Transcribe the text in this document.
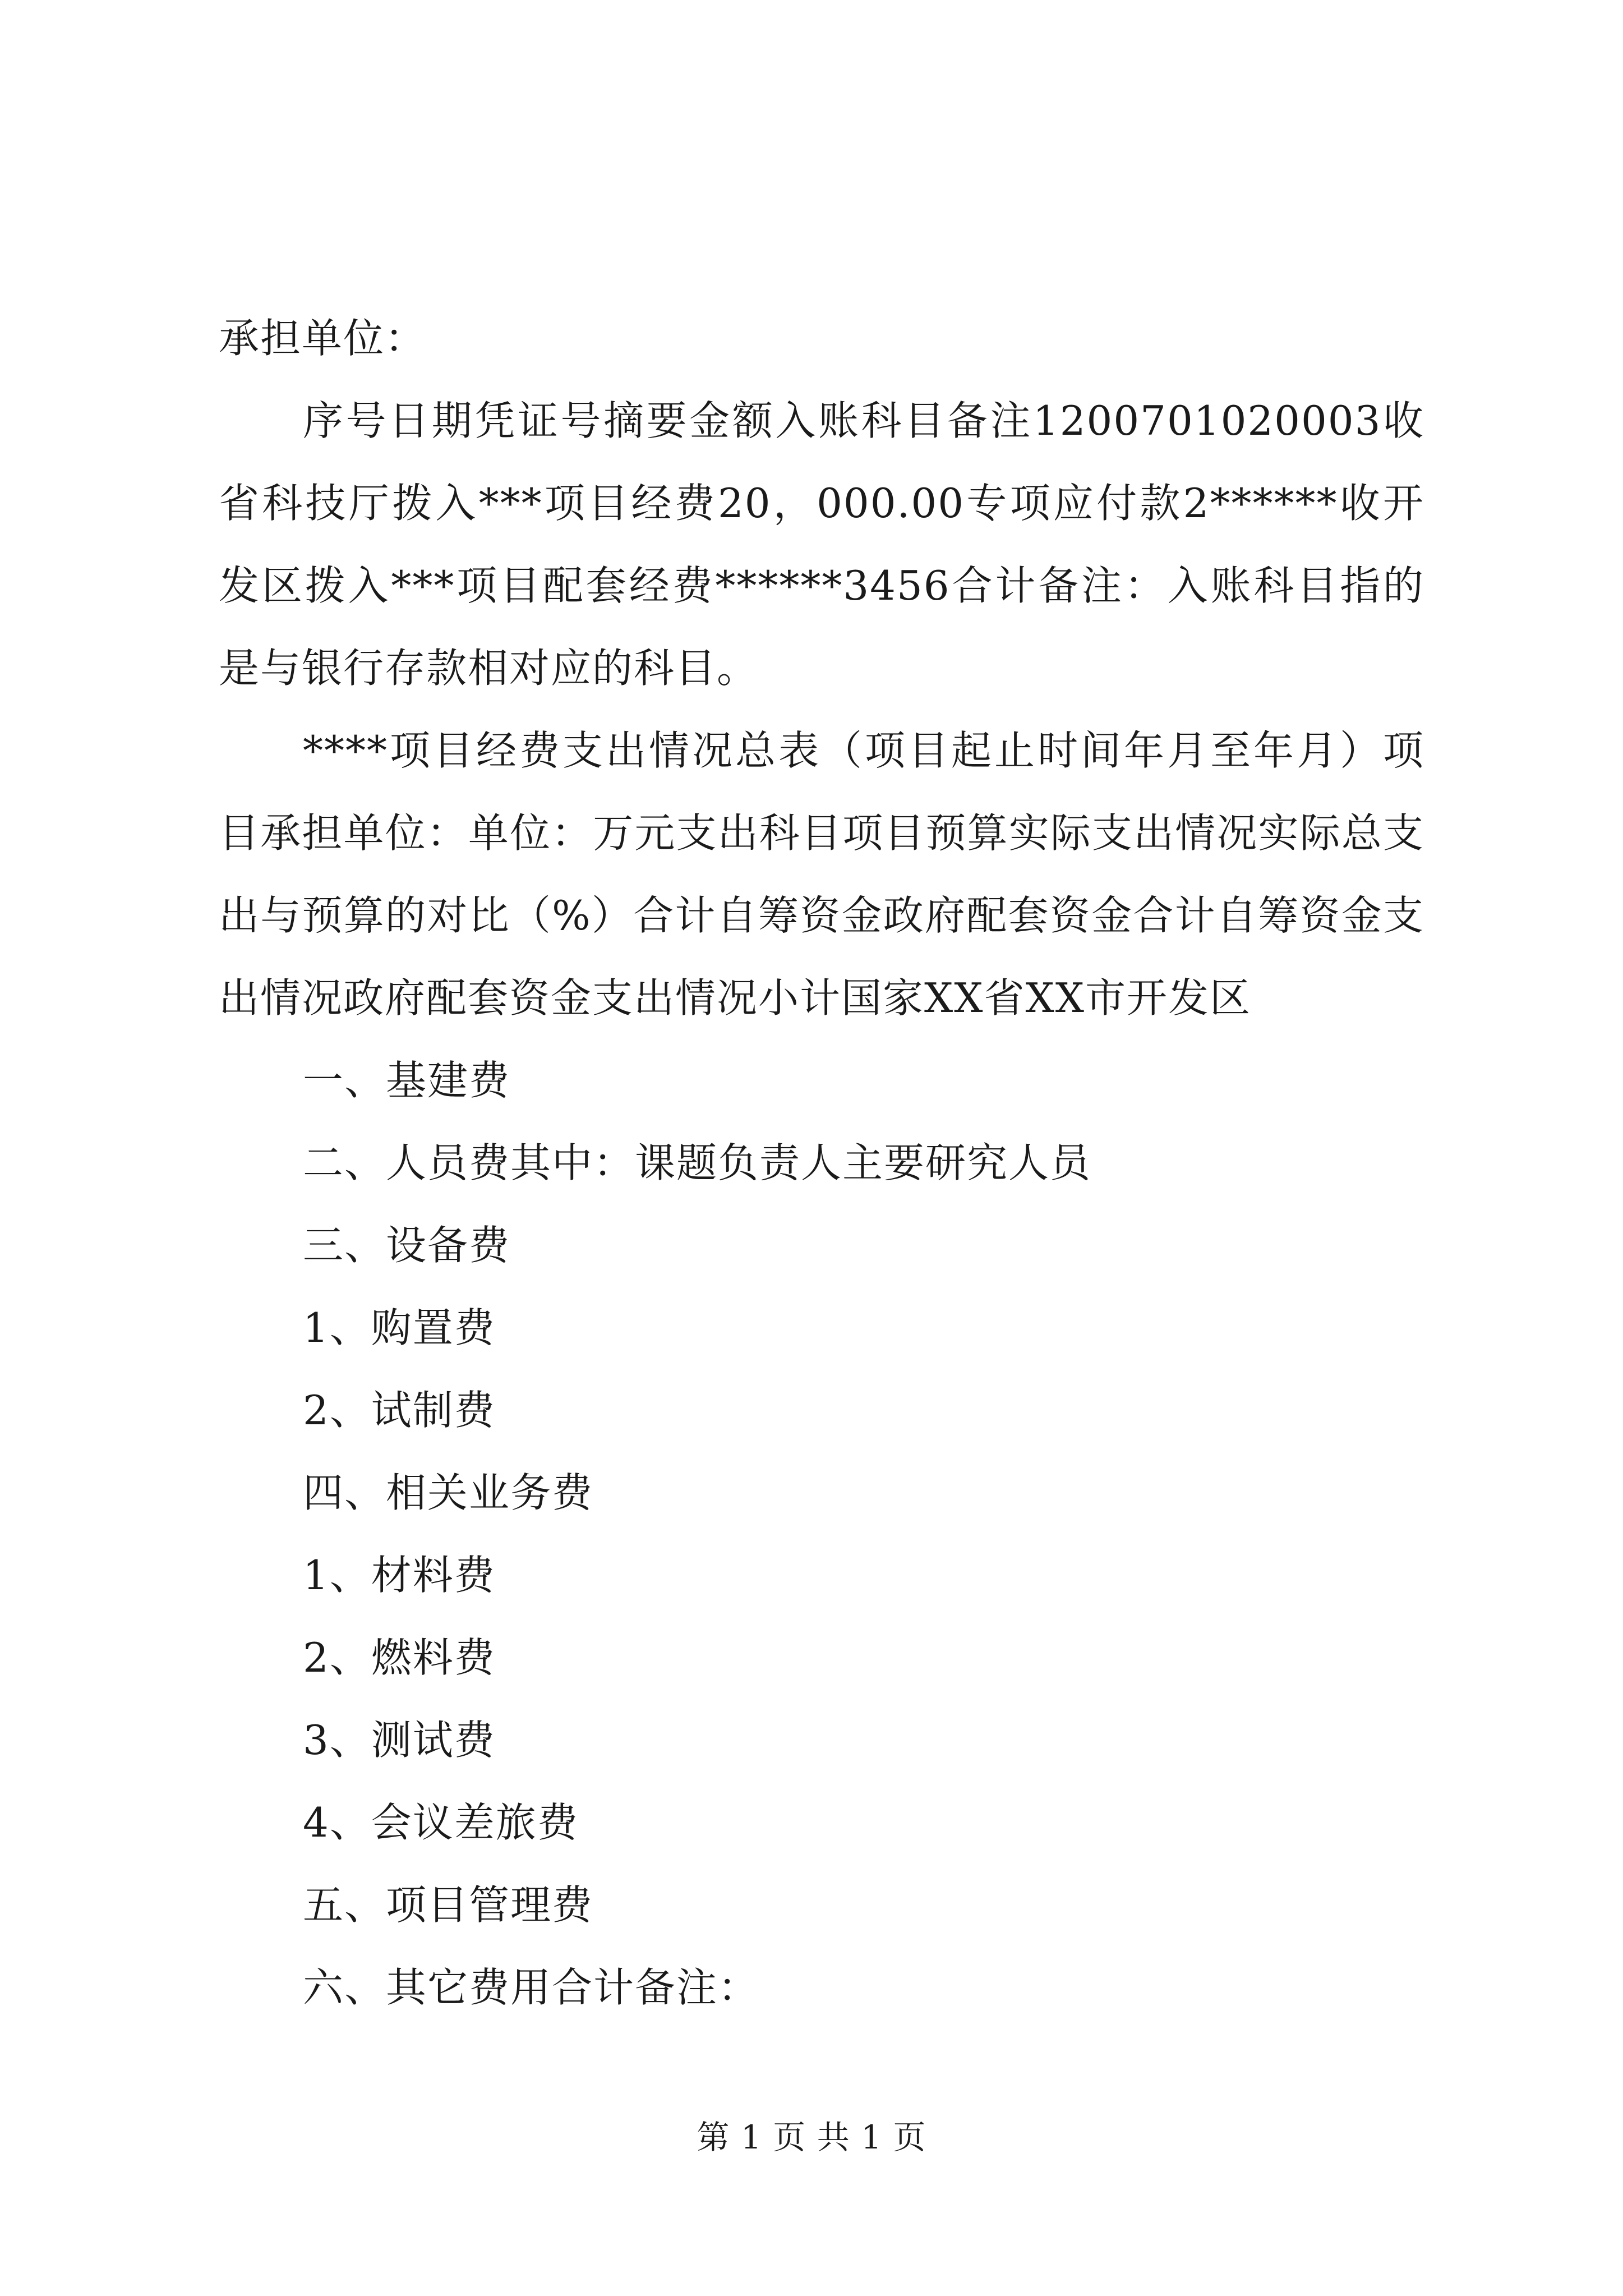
承担单位：

序号日期凭证号摘要金额入账科目备注1200701020003收省科技厅拨入***项目经费20，000.00专项应付款2******收开发区拨入***项目配套经费******3456合计备注：入账科目指的是与银行存款相对应的科目。

****项目经费支出情况总表（项目起止时间年月至年月）项目承担单位：单位：万元支出科目项目预算实际支出情况实际总支出与预算的对比（%）合计自筹资金政府配套资金合计自筹资金支出情况政府配套资金支出情况小计国家XX省XX市开发区

一、基建费

二、人员费其中：课题负责人主要研究人员

三、设备费

1、购置费

2、试制费

四、相关业务费

1、材料费

2、燃料费

3、测试费

4、会议差旅费

五、项目管理费

六、其它费用合计备注：

第 1 页 共 1 页
